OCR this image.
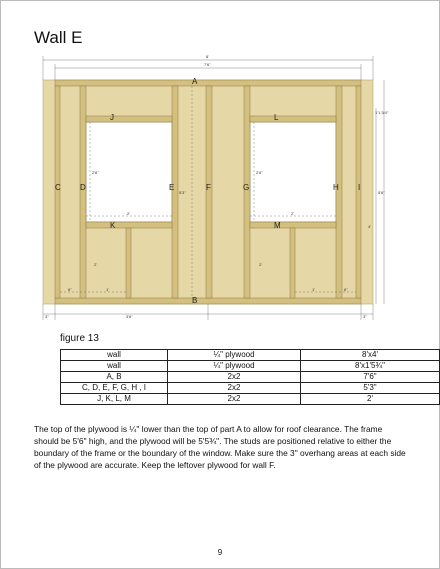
Wall E
8'
7'6"
1'1 3/4"
5'6"
4'
2'6"	2'6"
5'3"
2'	2'
2'	2'
6"	1'	1'	6"
3"	3'6"	3"
A
B
C D	E	F	G	H I
J
K
L
M
figure 13
wall	¼" plywood	8'x4'
wall	¼" plywood	8'x1'5¾"
A, B	2x2	7'6"
C, D, E, F, G, H , I	2x2	5'3"
J, K, L, M	2x2	2'
The top of the plywood is ¼" lower than the top of part A to allow for roof clearance. The frame should be 5'6" high, and the plywood will be 5'5¾". The studs are positioned relative to either the boundary of the frame or the boundary of the window. Make sure the 3" overhang areas at each side of the plywood are accurate. Keep the leftover plywood for wall F.
9
